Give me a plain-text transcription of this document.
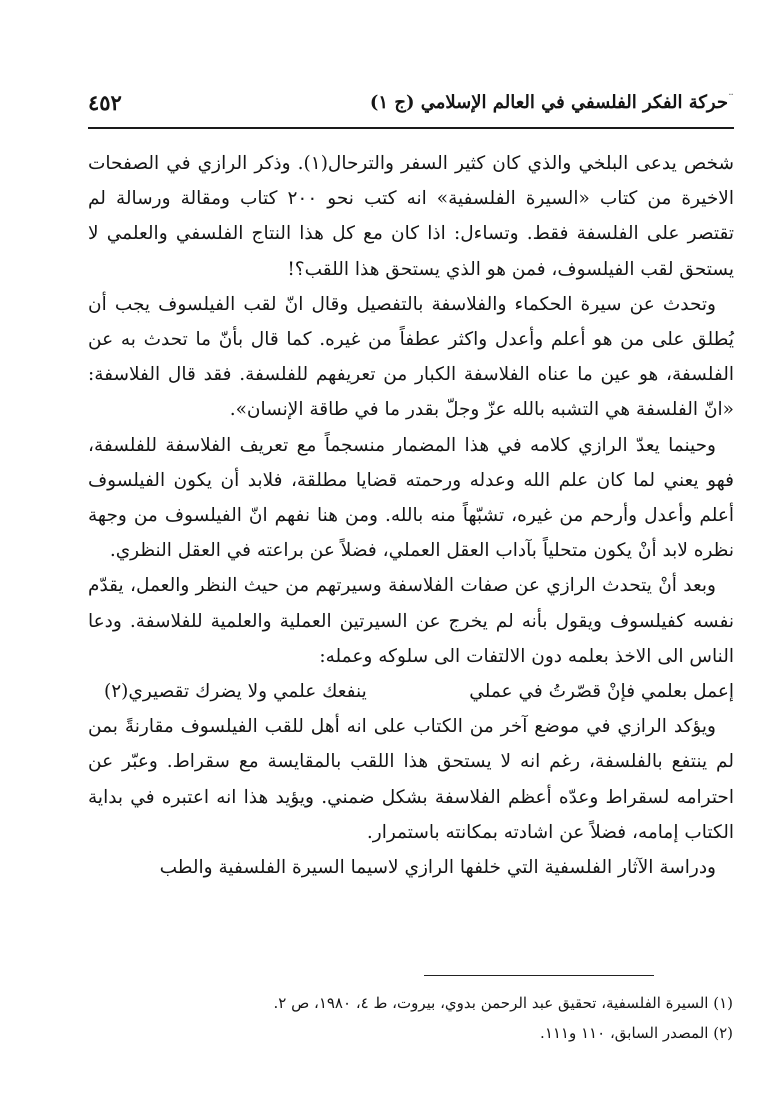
¨
٤٥٢	حركة الفكر الفلسفي في العالم الإسلامي (ج ١)

شخص يدعى البلخي والذي كان كثير السفر والترحال(١). وذكر الرازي في الصفحات الاخيرة من كتاب «السيرة الفلسفية» انه كتب نحو ٢٠٠ كتاب ومقالة ورسالة لم تقتصر على الفلسفة فقط. وتساءل: اذا كان مع كل هذا النتاج الفلسفي والعلمي لا يستحق لقب الفيلسوف، فمن هو الذي يستحق هذا اللقب؟!

وتحدث عن سيرة الحكماء والفلاسفة بالتفصيل وقال انّ لقب الفيلسوف يجب أن يُطلق على من هو أعلم وأعدل واكثر عطفاً من غيره. كما قال بأنّ ما تحدث به عن الفلسفة، هو عين ما عناه الفلاسفة الكبار من تعريفهم للفلسفة. فقد قال الفلاسفة: «انّ الفلسفة هي التشبه بالله عزّ وجلّ بقدر ما في طاقة الإنسان».

وحينما يعدّ الرازي كلامه في هذا المضمار منسجماً مع تعريف الفلاسفة للفلسفة، فهو يعني لما كان علم الله وعدله ورحمته قضايا مطلقة، فلابد أن يكون الفيلسوف أعلم وأعدل وأرحم من غيره، تشبّهاً منه بالله. ومن هنا نفهم انّ الفيلسوف من وجهة نظره لابد أنْ يكون متحلياً بآداب العقل العملي، فضلاً عن براعته في العقل النظري.

وبعد أنْ يتحدث الرازي عن صفات الفلاسفة وسيرتهم من حيث النظر والعمل، يقدّم نفسه كفيلسوف ويقول بأنه لم يخرج عن السيرتين العملية والعلمية للفلاسفة. ودعا الناس الى الاخذ بعلمه دون الالتفات الى سلوكه وعمله:

إعمل بعلمي فإنْ قصّرتُ في عملي
ينفعك علمي ولا يضرك تقصيري(٢)

ويؤكد الرازي في موضع آخر من الكتاب على انه أهل للقب الفيلسوف مقارنةً بمن لم ينتفع بالفلسفة، رغم انه لا يستحق هذا اللقب بالمقايسة مع سقراط. وعبّر عن احترامه لسقراط وعدّه أعظم الفلاسفة بشكل ضمني. ويؤيد هذا انه اعتبره في بداية الكتاب إمامه، فضلاً عن اشادته بمكانته باستمرار.

ودراسة الآثار الفلسفية التي خلفها الرازي لاسيما السيرة الفلسفية والطب

(١) السيرة الفلسفية، تحقيق عبد الرحمن بدوي، بيروت، ط ٤، ١٩٨٠، ص ٢.

(٢) المصدر السابق، ١١٠ و١١١.
